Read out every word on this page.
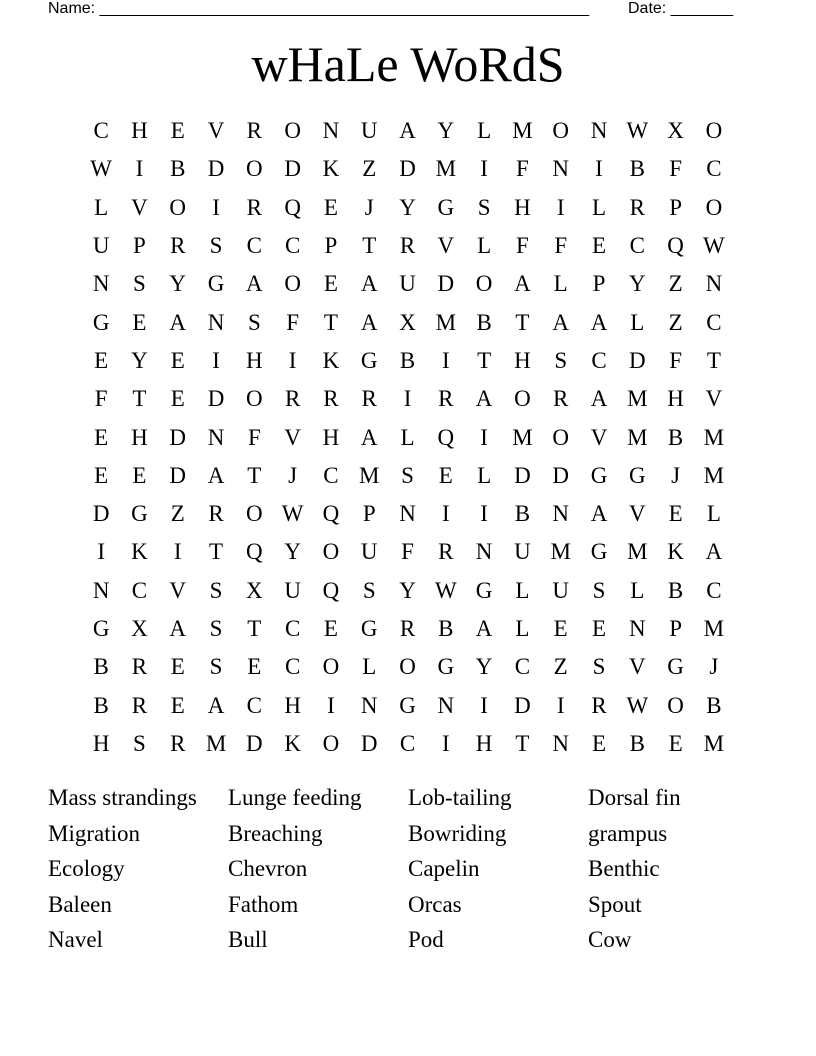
Name: _______________________________________________________ Date: _______
wHaLe WoRdS
C H E V R O N U A Y L M O N W X O
W	I	B D O D K Z D M	I	F	N	I	B	F	C
L V O	I	R Q E	J	Y G	S	H	I	L	R	P	O
U	P	R	S	C C	P	T	R V L	F	F	E	C Q W
N	S	Y G A O E A U D O A L	P	Y Z N
G E A N	S	F	T A X M B	T A A L	Z	C
E Y E	I	H	I	K G B	I	T H	S	C D	F	T
F	T	E D O R R R	I	R A O R A M H V
E H D N	F	V H A L Q	I	M O V M B M
E	E D A T	J	C M S	E	L D D G G	J	M
D G Z	R O W Q	P	N	I	I	B N A V E	L
I	K	I	T Q Y O U	F	R N U M G M K A
N C V	S	X U Q	S	Y W G L U	S	L	B C
G X A	S	T	C	E G R B A L	E	E N	P M
B R	E	S	E	C O L O G Y C	Z	S	V G	J
B R	E A C H	I	N G N	I	D	I	R W O B
H	S	R M D K O D C	I	H T N E	B	E M
Mass strandings	Lunge feeding	Lob-tailing	Dorsal fin
Migration	Breaching	Bowriding	grampus
Ecology	Chevron	Capelin	Benthic
Baleen	Fathom	Orcas	Spout
Navel	Bull	Pod	Cow
